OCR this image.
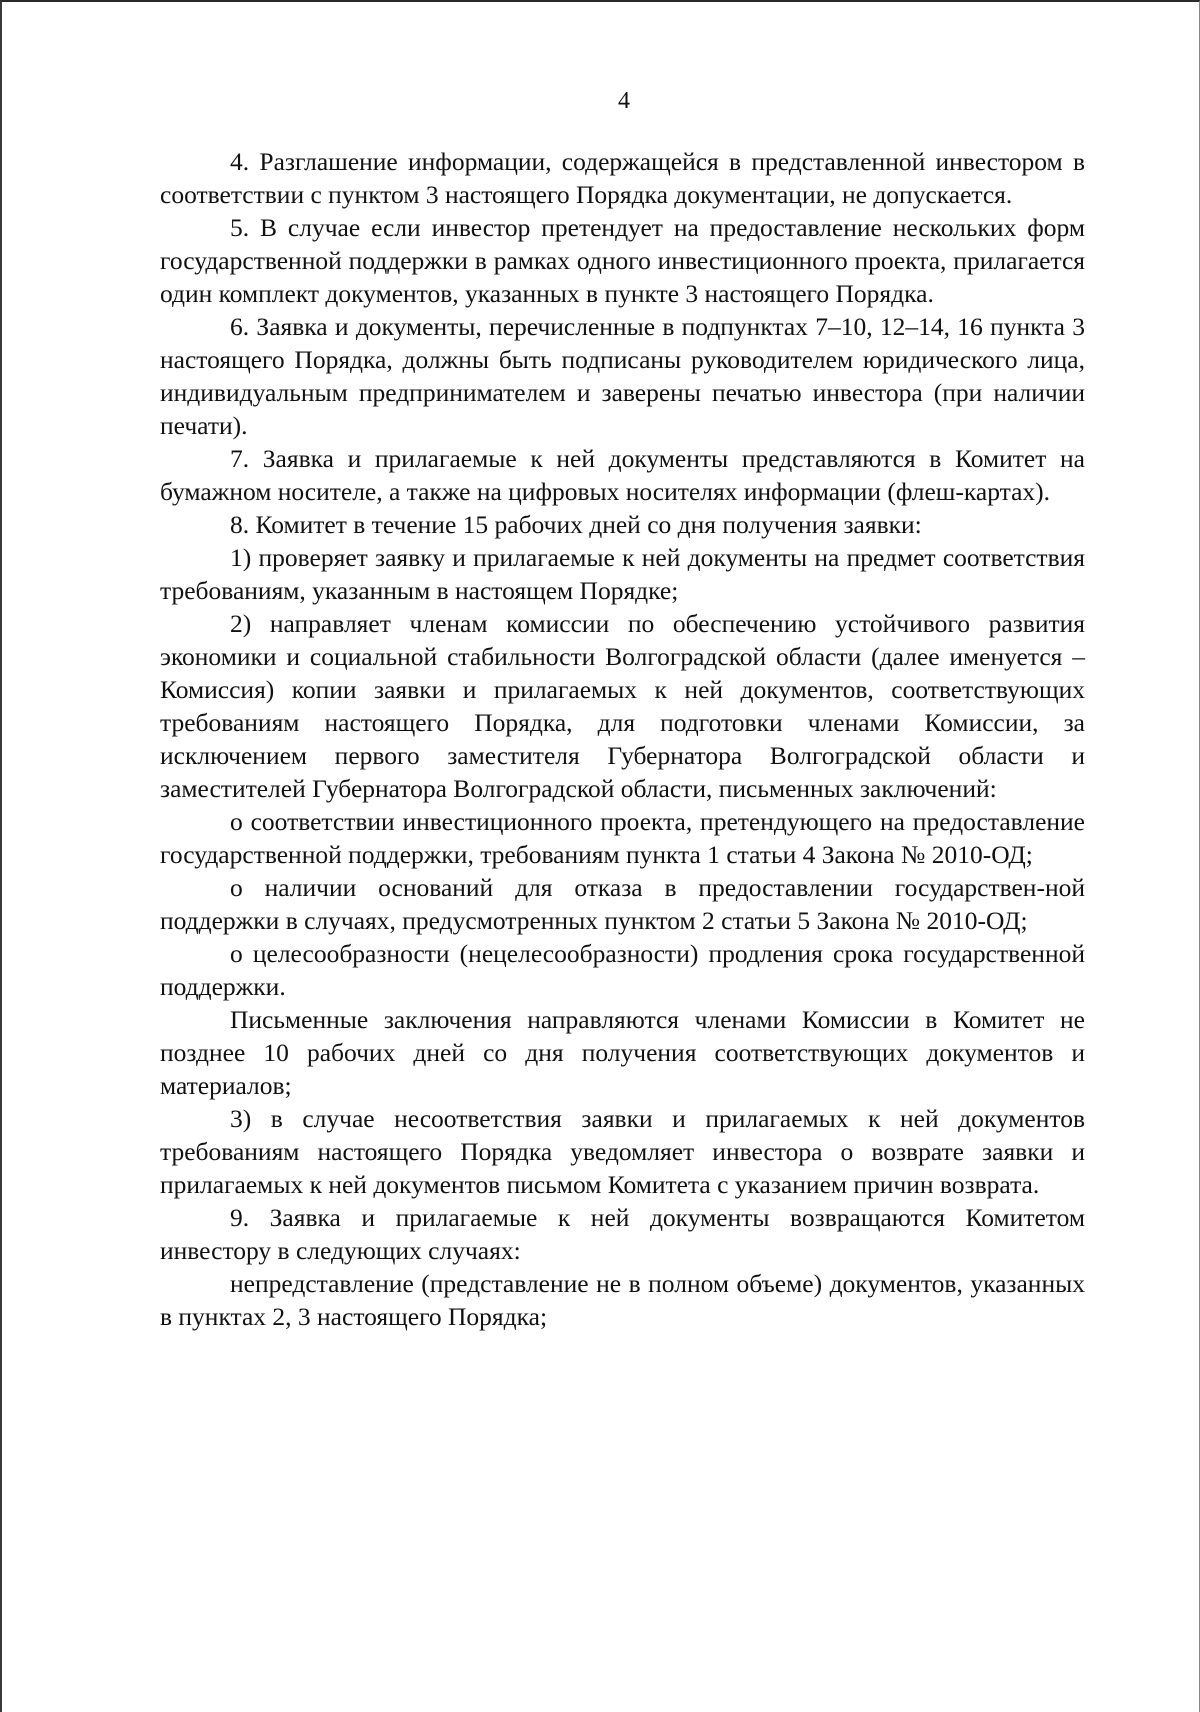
4

4. Разглашение информации, содержащейся в представленной инвестором в соответствии с пунктом 3 настоящего Порядка документации, не допускается.

5. В случае если инвестор претендует на предоставление нескольких форм государственной поддержки в рамках одного инвестиционного проекта, прилагается один комплект документов, указанных в пункте 3 настоящего Порядка.

6. Заявка и документы, перечисленные в подпунктах 7–10, 12–14, 16 пункта 3 настоящего Порядка, должны быть подписаны руководителем юридического лица, индивидуальным предпринимателем и заверены печатью инвестора (при наличии печати).

7. Заявка и прилагаемые к ней документы представляются в Комитет на бумажном носителе, а также на цифровых носителях информации (флеш-картах).

8. Комитет в течение 15 рабочих дней со дня получения заявки:

1) проверяет заявку и прилагаемые к ней документы на предмет соответствия требованиям, указанным в настоящем Порядке;

2) направляет членам комиссии по обеспечению устойчивого развития экономики и социальной стабильности Волгоградской области (далее именуется – Комиссия) копии заявки и прилагаемых к ней документов, соответствующих требованиям настоящего Порядка, для подготовки членами Комиссии, за исключением первого заместителя Губернатора Волгоградской области и заместителей Губернатора Волгоградской области, письменных заключений:

о соответствии инвестиционного проекта, претендующего на предоставление государственной поддержки, требованиям пункта 1 статьи 4 Закона № 2010-ОД;

о наличии оснований для отказа в предоставлении государствен-ной поддержки в случаях, предусмотренных пунктом 2 статьи 5 Закона № 2010-ОД;

о целесообразности (нецелесообразности) продления срока государственной поддержки.

Письменные заключения направляются членами Комиссии в Комитет не позднее 10 рабочих дней со дня получения соответствующих документов и материалов;

3) в случае несоответствия заявки и прилагаемых к ней документов требованиям настоящего Порядка уведомляет инвестора о возврате заявки и прилагаемых к ней документов письмом Комитета с указанием причин возврата.

9. Заявка и прилагаемые к ней документы возвращаются Комитетом инвестору в следующих случаях:

непредставление (представление не в полном объеме) документов, указанных в пунктах 2, 3 настоящего Порядка;
